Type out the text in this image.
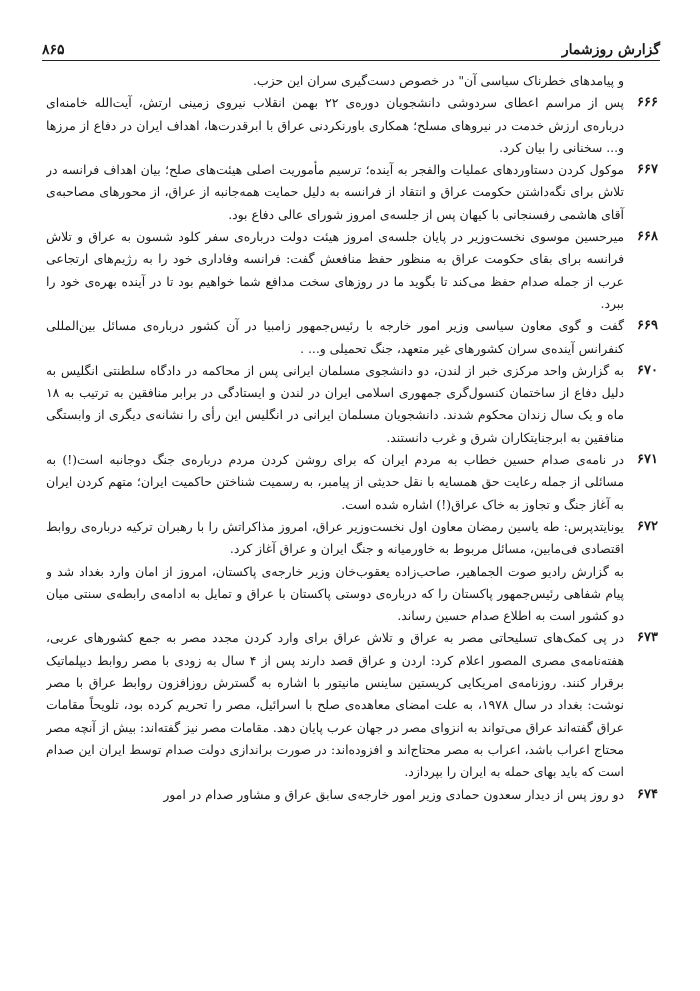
گزارش روزشمار
۸۶۵

و پیامدهای خطرناک سیاسی آن" در خصوص دست‌گیری سران این حزب.

۶۶۶

پس از مراسم اعطای سردوشی دانشجویان دوره‌ی ۲۲ بهمن انقلاب نیروی زمینی ارتش، آیت‌الله خامنه‌ای درباره‌ی ارزش خدمت در نیروهای مسلح؛ همکاری باورنکردنی عراق با ابرقدرت‌ها، اهداف ایران در دفاع از مرزها و... سخنانی را بیان کرد.

۶۶۷

موکول کردن دستاوردهای عملیات والفجر به آینده؛ ترسیم مأموریت اصلی هیئت‌های صلح؛ بیان اهداف فرانسه در تلاش برای نگه‌داشتن حکومت عراق و انتقاد از فرانسه به دلیل حمایت همه‌جانبه از عراق، از محورهای مصاحبه‌ی آقای هاشمی رفسنجانی با کیهان پس از جلسه‌ی امروز شورای عالی دفاع بود.

۶۶۸

میرحسین موسوی نخست‌وزیر در پایان جلسه‌ی امروز هیئت دولت درباره‌ی سفر کلود شسون به عراق و تلاش فرانسه برای بقای حکومت عراق به منظور حفظ منافعش گفت: فرانسه وفاداری خود را به رژیم‌های ارتجاعی عرب از جمله صدام حفظ می‌کند تا بگوید ما در روزهای سخت مدافع شما خواهیم بود تا در آینده بهره‌ی خود را ببرد.

۶۶۹

گفت و گوی معاون سیاسی وزیر امور خارجه با رئیس‌جمهور زامبیا در آن کشور درباره‌ی مسائل بین‌المللی کنفرانس آینده‌ی سران کشورهای غیر متعهد، جنگ تحمیلی و... .

۶۷۰

به گزارش واحد مرکزی خبر از لندن، دو دانشجوی مسلمان ایرانی پس از محاکمه در دادگاه سلطنتی انگلیس به دلیل دفاع از ساختمان کنسول‌گری جمهوری اسلامی ایران در لندن و ایستادگی در برابر منافقین به ترتیب به ۱۸ ماه و یک سال زندان محکوم شدند. دانشجویان مسلمان ایرانی در انگلیس این رأی را نشانه‌ی دیگری از وابستگی منافقین به ابرجنایتکاران شرق و غرب دانستند.

۶۷۱

در نامه‌ی صدام حسین خطاب به مردم ایران که برای روشن کردن مردم درباره‌ی جنگ دوجانبه است(!) به مسائلی از جمله رعایت حق همسایه با نقل حدیثی از پیامبر، به رسمیت شناختن حاکمیت ایران؛ متهم کردن ایران به آغاز جنگ و تجاوز به خاک عراق(!) اشاره شده است.

۶۷۲

یونایتدپرس: طه یاسین رمضان معاون اول نخست‌وزیر عراق، امروز مذاکراتش را با رهبران ترکیه درباره‌ی روابط اقتصادی فی‌مابین، مسائل مربوط به خاورمیانه و جنگ ایران و عراق آغاز کرد.

به گزارش رادیو صوت الجماهیر، صاحب‌زاده یعقوب‌خان وزیر خارجه‌ی پاکستان، امروز از امان وارد بغداد شد و پیام شفاهی رئیس‌جمهور پاکستان را که درباره‌ی دوستی پاکستان با عراق و تمایل به ادامه‌ی رابطه‌ی سنتی میان دو کشور است به اطلاع صدام حسین رساند.

۶۷۳

در پی کمک‌های تسلیحاتی مصر به عراق و تلاش عراق برای وارد کردن مجدد مصر به جمع کشورهای عربی، هفته‌نامه‌ی مصری المصور اعلام کرد: اردن و عراق قصد دارند پس از ۴ سال به زودی با مصر روابط دیپلماتیک برقرار کنند. روزنامه‌ی امریکایی کریستین ساینس مانیتور با اشاره به گسترش روزافزون روابط عراق با مصر نوشت: بغداد در سال ۱۹۷۸، به علت امضای معاهده‌ی صلح با اسرائیل، مصر را تحریم کرده بود، تلویحاً مقامات عراق گفته‌اند عراق می‌تواند به انزوای مصر در جهان عرب پایان دهد. مقامات مصر نیز گفته‌اند: بیش از آنچه مصر محتاج اعراب باشد، اعراب به مصر محتاج‌اند و افزوده‌اند: در صورت براندازی دولت صدام توسط ایران این صدام است که باید بهای حمله به ایران را بپردازد.

۶۷۴

دو روز پس از دیدار سعدون حمادی وزیر امور خارجه‌ی سابق عراق و مشاور صدام در امور
